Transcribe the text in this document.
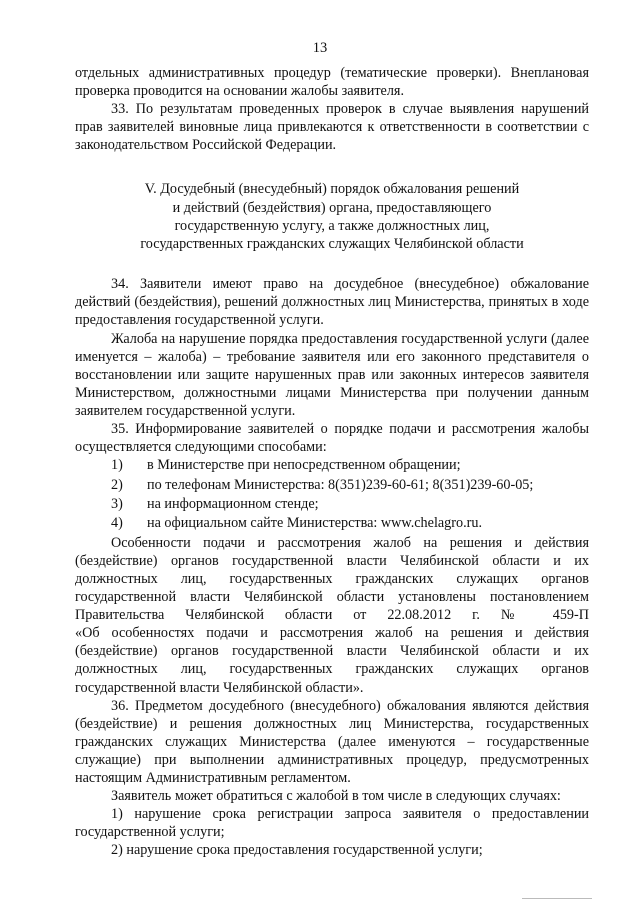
13

отдельных административных процедур (тематические проверки). Внеплановая проверка проводится на основании жалобы заявителя.

33. По результатам проведенных проверок в случае выявления нарушений прав заявителей виновные лица привлекаются к ответственности в соответствии с законодательством Российской Федерации.

V. Досудебный (внесудебный) порядок обжалования решений
и действий (бездействия) органа, предоставляющего
государственную услугу, а также должностных лиц,
государственных гражданских служащих Челябинской области

34. Заявители имеют право на досудебное (внесудебное) обжалование действий (бездействия), решений должностных лиц Министерства, принятых в ходе предоставления государственной услуги.

Жалоба на нарушение порядка предоставления государственной услуги (далее именуется – жалоба) – требование заявителя или его законного представителя о восстановлении или защите нарушенных прав или законных интересов заявителя Министерством, должностными лицами Министерства при получении данным заявителем государственной услуги.

35. Информирование заявителей о порядке подачи и рассмотрения жалобы осуществляется следующими способами:

1) в Министерстве при непосредственном обращении;

2) по телефонам Министерства: 8(351)239-60-61; 8(351)239-60-05;

3) на информационном стенде;

4) на официальном сайте Министерства: www.chelagro.ru.

Особенности подачи и рассмотрения жалоб на решения и действия (бездействие) органов государственной власти Челябинской области и их должностных лиц, государственных гражданских служащих органов государственной власти Челябинской области установлены постановлением

Правительства Челябинской области от 22.08.2012 г. № 459-П

«Об особенностях подачи и рассмотрения жалоб на решения и действия (бездействие) органов государственной власти Челябинской области и их должностных лиц, государственных гражданских служащих органов государственной власти Челябинской области».

36. Предметом досудебного (внесудебного) обжалования являются действия (бездействие) и решения должностных лиц Министерства, государственных гражданских служащих Министерства (далее именуются – государственные служащие) при выполнении административных процедур, предусмотренных настоящим Административным регламентом.

Заявитель может обратиться с жалобой в том числе в следующих случаях:

1) нарушение срока регистрации запроса заявителя о предоставлении государственной услуги;

2) нарушение срока предоставления государственной услуги;
